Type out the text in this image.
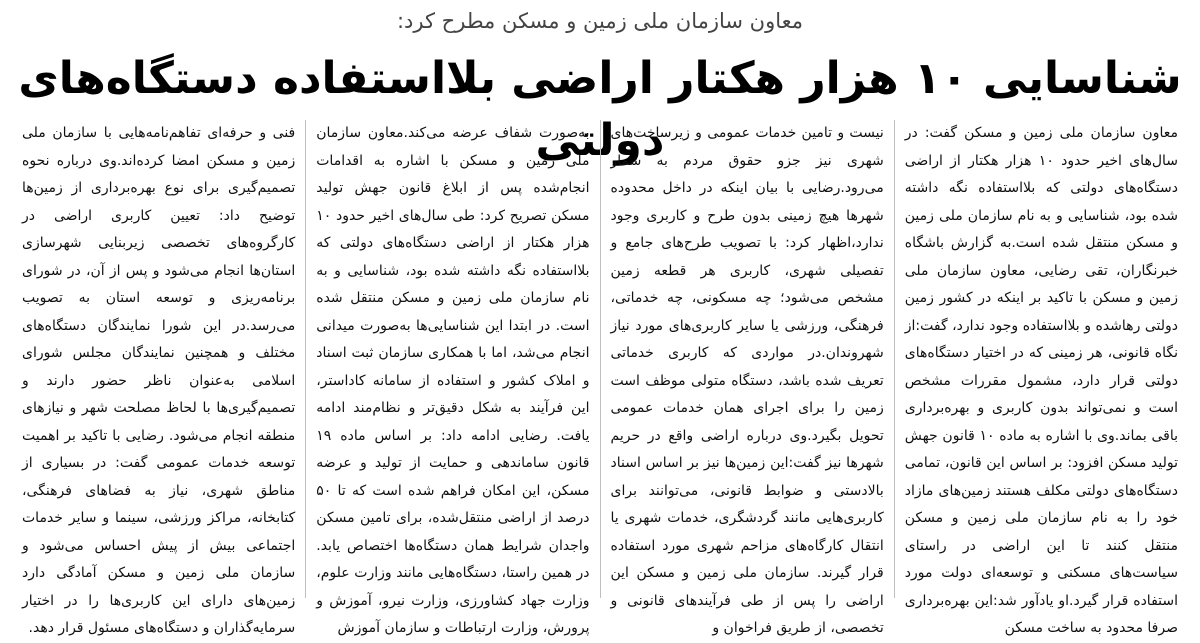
معاون سازمان ملی زمین و مسکن مطرح کرد:
شناسایی ۱۰ هزار هکتار اراضی بلااستفاده دستگاه‌های دولتی	معاون سازمان ملی زمین و مسکن گفت: در سال‌های اخیر حدود ۱۰ هزار هکتار از اراضی دستگاه‌های دولتی که بلااستفاده نگه داشته شده بود، شناسایی و به نام سازمان ملی زمین و مسکن منتقل شده است.به گزارش باشگاه خبرنگاران، تقی رضایی، معاون سازمان ملی زمین و مسکن با تاکید بر اینکه در کشور زمین دولتی رهاشده و بلااستفاده وجود ندارد، گفت:از نگاه قانونی، هر زمینی که در اختیار دستگاه‌های دولتی قرار دارد، مشمول مقررات مشخص است و نمی‌تواند بدون کاربری و بهره‌برداری باقی بماند.وی با اشاره به ماده ۱۰ قانون جهش تولید مسکن افزود: بر اساس این قانون، تمامی دستگاه‌های دولتی مکلف هستند زمین‌های مازاد خود را به نام سازمان ملی زمین و مسکن منتقل کنند تا این اراضی در راستای سیاست‌های مسکنی و توسعه‌ای دولت مورد استفاده قرار گیرد.او یادآور شد:این بهره‌برداری صرفا محدود به ساخت مسکن
نیست و تامین خدمات عمومی و زیرساخت‌های شهری نیز جزو حقوق مردم به شمار می‌رود.رضایی با بیان اینکه در داخل محدوده شهرها هیچ زمینی بدون طرح و کاربری وجود ندارد،اظهار کرد: با تصویب طرح‌های جامع و تفصیلی شهری، کاربری هر قطعه زمین مشخص می‌شود؛ چه مسکونی، چه خدماتی، فرهنگی، ورزشی یا سایر کاربری‌های مورد نیاز شهروندان.در مواردی که کاربری خدماتی تعریف شده باشد، دستگاه متولی موظف است زمین را برای اجرای همان خدمات عمومی تحویل بگیرد.وی درباره اراضی واقع در حریم شهرها نیز گفت:این زمین‌ها نیز بر اساس اسناد بالادستی و ضوابط قانونی، می‌توانند برای کاربری‌هایی مانند گردشگری، خدمات شهری یا انتقال کارگاه‌های مزاحم شهری مورد استفاده قرار گیرند. سازمان ملی زمین و مسکن این اراضی را پس از طی فرآیندهای قانونی و تخصصی، از طریق فراخوان و
به‌صورت شفاف عرضه می‌کند.معاون سازمان ملی زمین و مسکن با اشاره به اقدامات انجام‌شده پس از ابلاغ قانون جهش تولید مسکن تصریح کرد: طی سال‌های اخیر حدود ۱۰ هزار هکتار از اراضی دستگاه‌های دولتی که بلااستفاده نگه داشته شده بود، شناسایی و به نام سازمان ملی زمین و مسکن منتقل شده است. در ابتدا این شناسایی‌ها به‌صورت میدانی انجام می‌شد، اما با همکاری سازمان ثبت اسناد و املاک کشور و استفاده از سامانه کاداستر، این فرآیند به شکل دقیق‌تر و نظام‌مند ادامه یافت. رضایی ادامه داد: بر اساس ماده ۱۹ قانون ساماندهی و حمایت از تولید و عرضه مسکن، این امکان فراهم شده است که تا ۵۰ درصد از اراضی منتقل‌شده، برای تامین مسکن واجدان شرایط همان دستگاه‌ها اختصاص یابد. در همین راستا، دستگاه‌هایی مانند وزارت علوم، وزارت جهاد کشاورزی، وزارت نیرو، آموزش و پرورش، وزارت ارتباطات و سازمان آموزش
فنی و حرفه‌ای تفاهم‌نامه‌هایی با سازمان ملی زمین و مسکن امضا کرده‌اند.وی درباره نحوه تصمیم‌گیری برای نوع بهره‌برداری از زمین‌ها توضیح داد: تعیین کاربری اراضی در کارگروه‌های تخصصی زیربنایی شهرسازی استان‌ها انجام می‌شود و پس از آن، در شورای برنامه‌ریزی و توسعه استان به تصویب می‌رسد.در این شورا نمایندگان دستگاه‌های مختلف و همچنین نمایندگان مجلس شورای اسلامی به‌عنوان ناظر حضور دارند و تصمیم‌گیری‌ها با لحاظ مصلحت شهر و نیازهای منطقه انجام می‌شود. رضایی با تاکید بر اهمیت توسعه خدمات عمومی گفت: در بسیاری از مناطق شهری، نیاز به فضاهای فرهنگی، کتابخانه، مراکز ورزشی، سینما و سایر خدمات اجتماعی بیش از پیش احساس می‌شود و سازمان ملی زمین و مسکن آمادگی دارد زمین‌های دارای این کاربری‌ها را در اختیار سرمایه‌گذاران و دستگاه‌های مسئول قرار دهد.
